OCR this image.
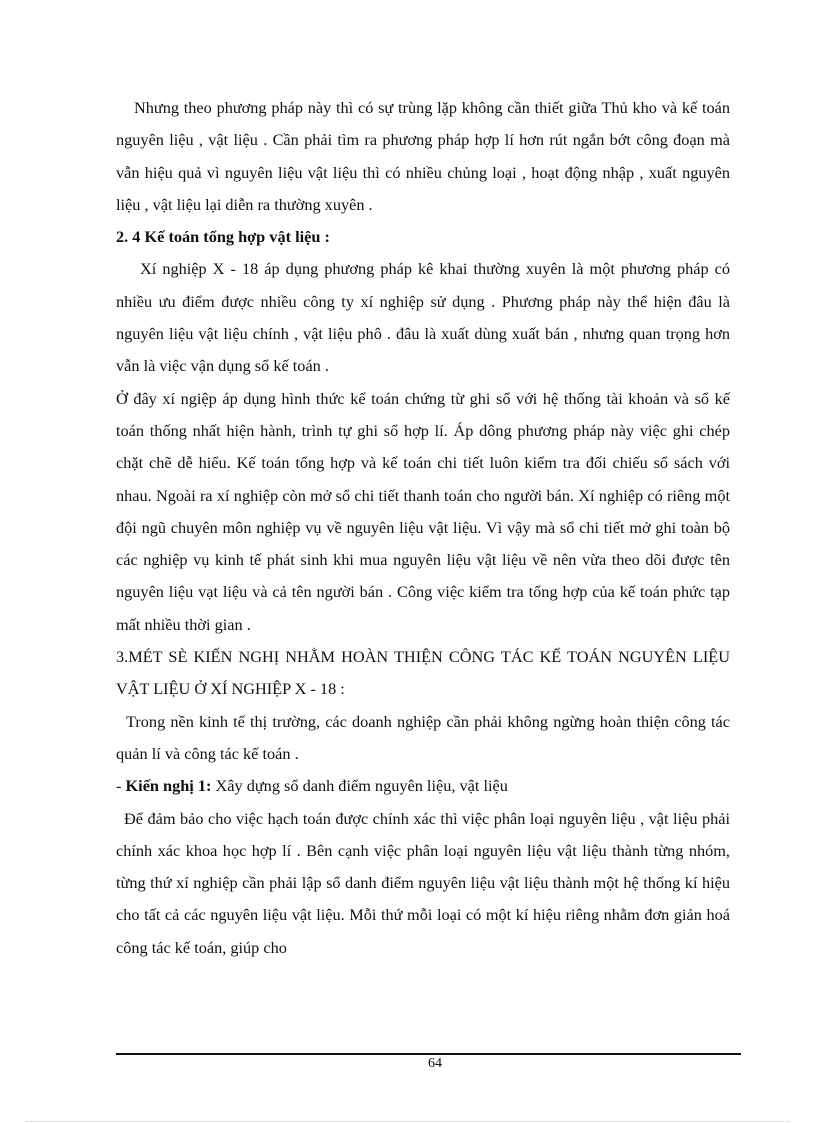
Nhưng theo phương pháp này thì có sự trùng lặp không cần thiết giữa Thủ kho và kế toán nguyên liệu , vật liệu . Cần phải tìm ra phương pháp hợp lí hơn rút ngắn bớt công đoạn mà vẫn hiệu quả vì nguyên liệu vật liệu thì có nhiều chủng loại , hoạt động nhập , xuất nguyên liệu , vật liệu lại diễn ra thường xuyên .

2. 4 Kế toán tổng hợp vật liệu :

Xí nghiệp X - 18 áp dụng phương pháp kê khai thường xuyên là một phương pháp có nhiều ưu điểm được nhiều công ty xí nghiệp sử dụng . Phương pháp này thể hiện đâu là nguyên liệu vật liệu chính , vật liệu phô . đâu là xuất dùng xuất bán , nhưng quan trọng hơn vẫn là việc vận dụng sổ kế toán .

Ở đây xí ngiệp áp dụng hình thức kế toán chứng từ ghi sổ với hệ thống tài khoản và sổ kế toán thống nhất hiện hành, trình tự ghi sổ hợp lí. Áp dông phương pháp này việc ghi chép chặt chẽ dễ hiểu. Kế toán tổng hợp và kế toán chi tiết luôn kiểm tra đối chiếu sổ sách với nhau. Ngoài ra xí nghiệp còn mở sổ chi tiết thanh toán cho người bán. Xí nghiệp có riêng một đội ngũ chuyên môn nghiệp vụ về nguyên liệu vật liệu. Vì vậy mà sổ chi tiết mở ghi toàn bộ các nghiệp vụ kinh tế phát sinh khi mua nguyên liệu vật liệu về nên vừa theo dõi được tên nguyên liệu vạt liệu và cả tên người bán . Công việc kiểm tra tổng hợp của kế toán phức tạp mất nhiều thời gian .

3.MÉT SÈ KIẾN NGHỊ NHẰM HOÀN THIỆN CÔNG TÁC KẾ TOÁN NGUYÊN LIỆU VẬT LIỆU Ở XÍ NGHIỆP X - 18 :

Trong nền kinh tế thị trường, các doanh nghiệp cần phải không ngừng hoàn thiện công tác quản lí và công tác kế toán .

- Kiến nghị 1: Xây dựng sổ danh điểm nguyên liệu, vật liệu

Để đảm bảo cho việc hạch toán được chính xác thì việc phân loại nguyên liệu , vật liệu phải chính xác khoa học hợp lí . Bên cạnh việc phân loại nguyên liệu vật liệu thành từng nhóm, từng thứ xí nghiệp cần phải lập sổ danh điểm nguyên liệu vật liệu thành một hệ thống kí hiệu cho tất cả các nguyên liệu vật liệu. Mỗi thứ mỗi loại có một kí hiệu riêng nhằm đơn giản hoá công tác kế toán, giúp cho

64
